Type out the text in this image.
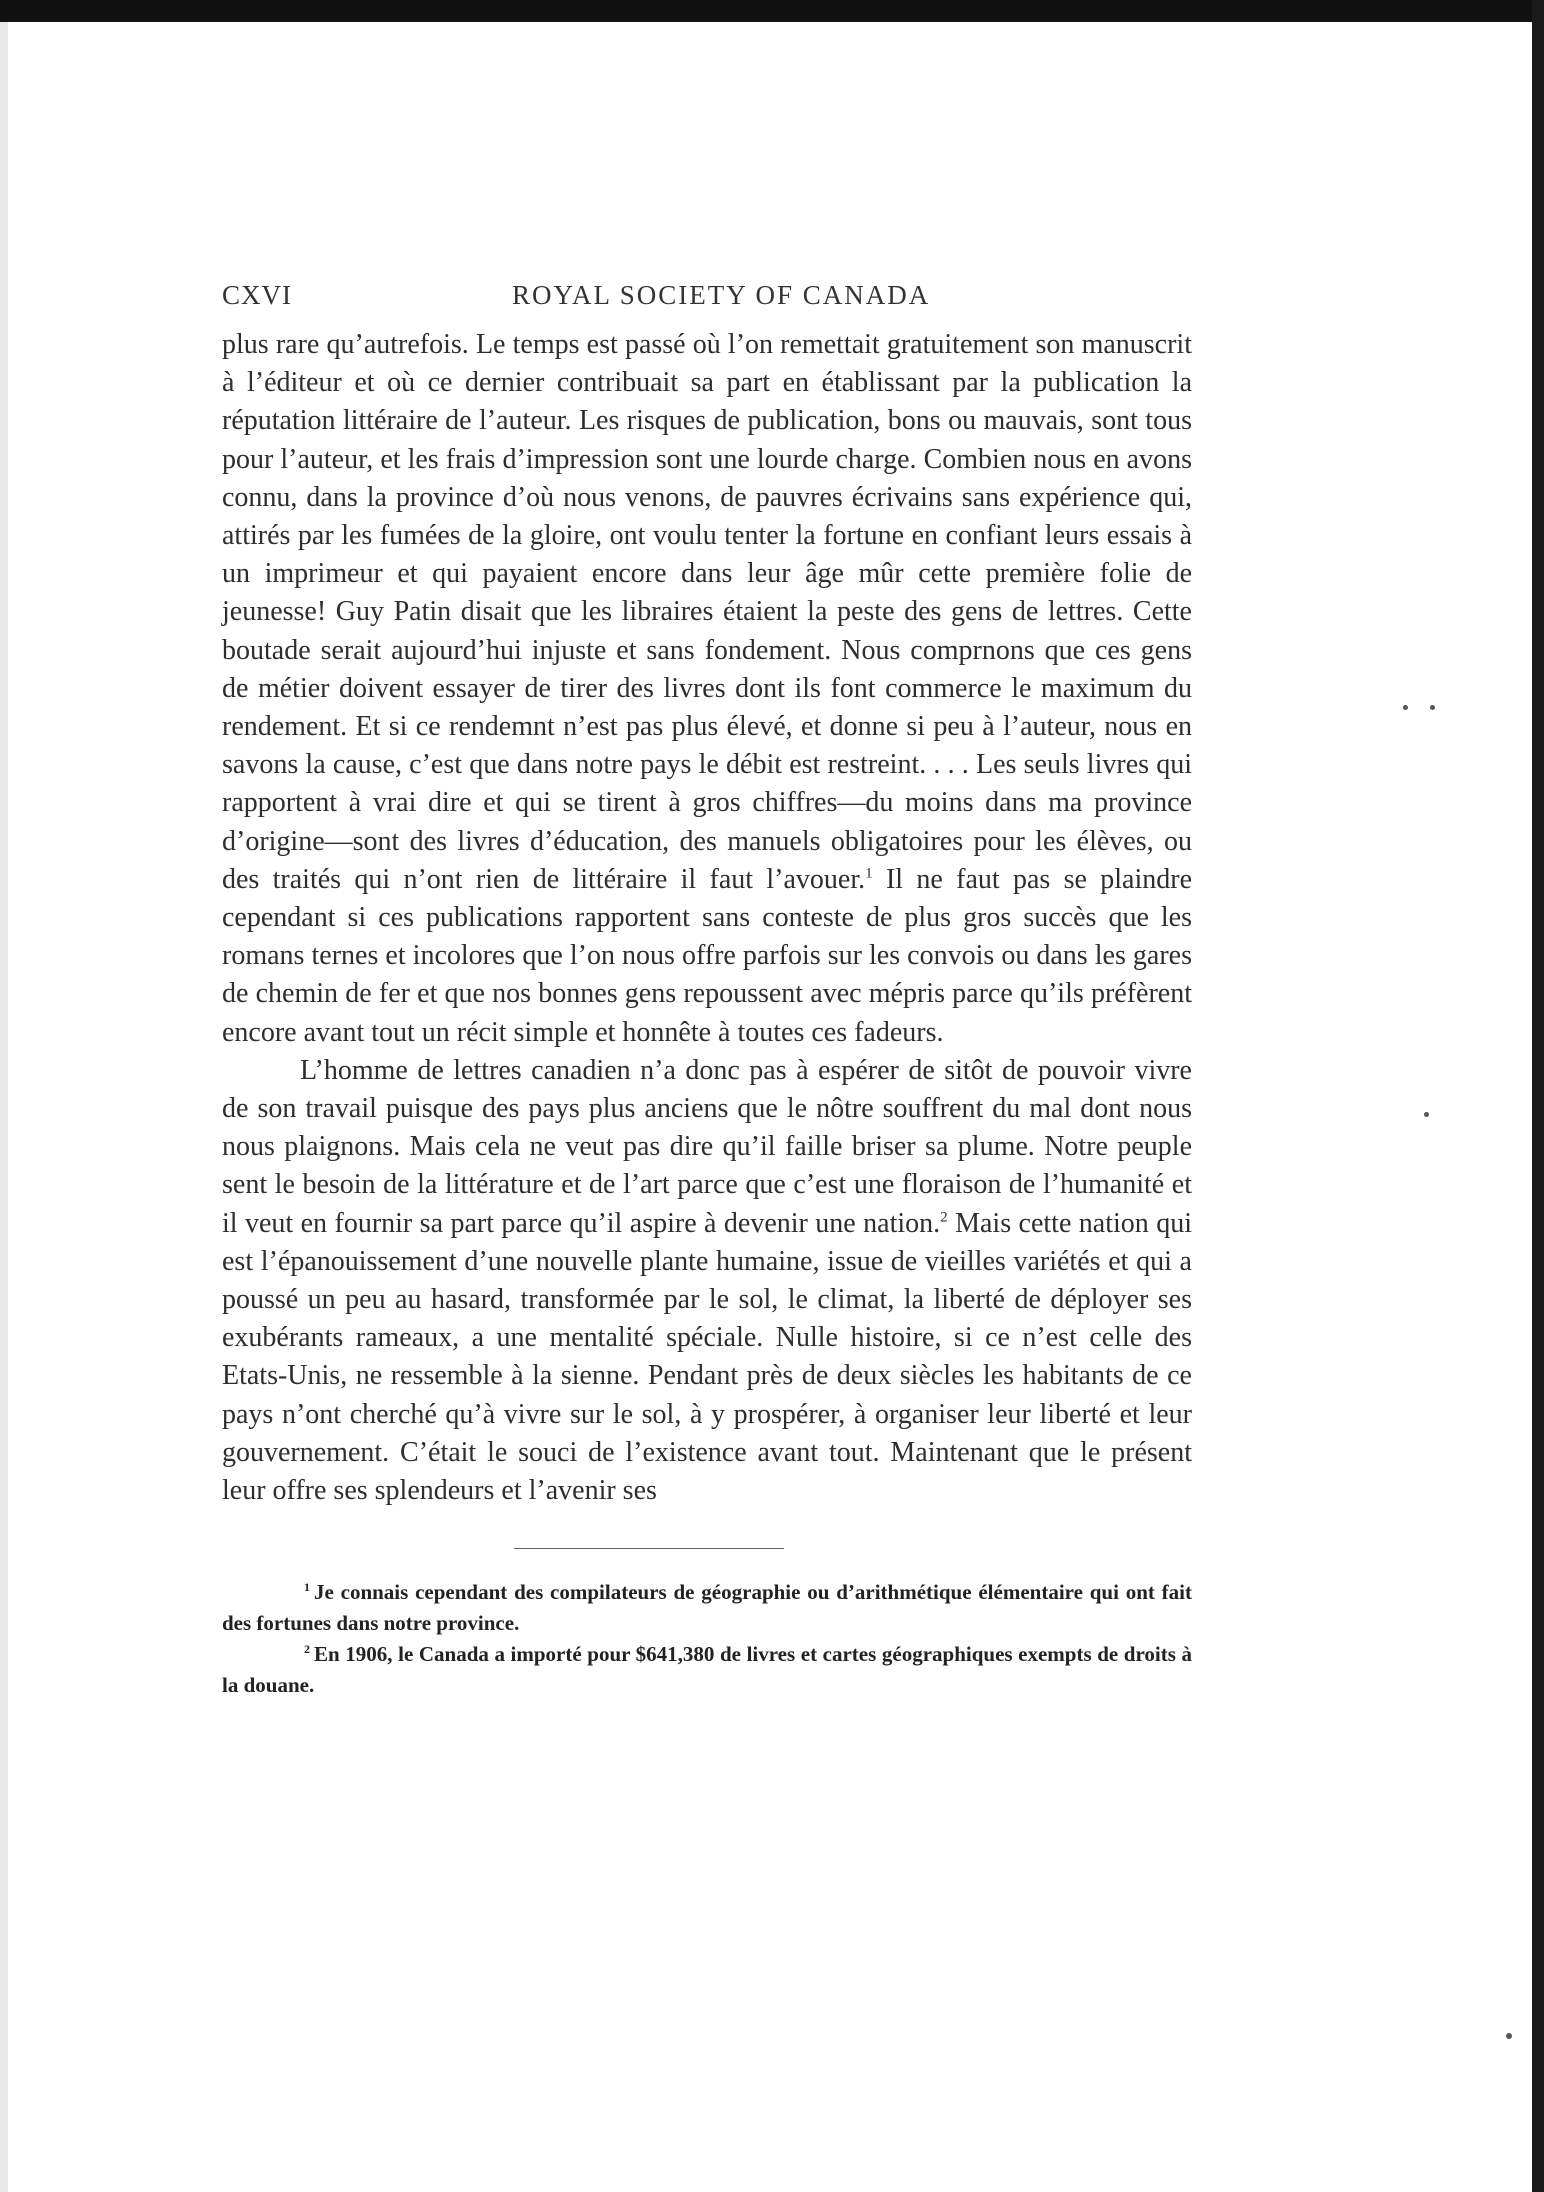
CXVI	ROYAL SOCIETY OF CANADA

plus rare qu’autrefois. Le temps est passé où l’on remettait gratuitement son manuscrit à l’éditeur et où ce dernier contribuait sa part en établissant par la publication la réputation littéraire de l’auteur. Les risques de publication, bons ou mauvais, sont tous pour l’auteur, et les frais d’impression sont une lourde charge. Combien nous en avons connu, dans la province d’où nous venons, de pauvres écrivains sans expérience qui, attirés par les fumées de la gloire, ont voulu tenter la fortune en confiant leurs essais à un imprimeur et qui payaient encore dans leur âge mûr cette première folie de jeunesse! Guy Patin disait que les libraires étaient la peste des gens de lettres. Cette boutade serait aujourd’hui injuste et sans fondement. Nous comprnons que ces gens de métier doivent essayer de tirer des livres dont ils font commerce le maximum du rendement. Et si ce rendemnt n’est pas plus élevé, et donne si peu à l’auteur, nous en savons la cause, c’est que dans notre pays le débit est restreint. . . . Les seuls livres qui rapportent à vrai dire et qui se tirent à gros chiffres—du moins dans ma province d’origine—sont des livres d’éducation, des manuels obligatoires pour les élèves, ou des traités qui n’ont rien de littéraire il faut l’avouer.$^1$ Il ne faut pas se plaindre cependant si ces publications rapportent sans conteste de plus gros succès que les romans ternes et incolores que l’on nous offre parfois sur les convois ou dans les gares de chemin de fer et que nos bonnes gens repoussent avec mépris parce qu’ils préfèrent encore avant tout un récit simple et honnête à toutes ces fadeurs.

L’homme de lettres canadien n’a donc pas à espérer de sitôt de pouvoir vivre de son travail puisque des pays plus anciens que le nôtre souffrent du mal dont nous nous plaignons. Mais cela ne veut pas dire qu’il faille briser sa plume. Notre peuple sent le besoin de la littérature et de l’art parce que c’est une floraison de l’humanité et il veut en fournir sa part parce qu’il aspire à devenir une nation.$^2$ Mais cette nation qui est l’épanouissement d’une nouvelle plante humaine, issue de vieilles variétés et qui a poussé un peu au hasard, transformée par le sol, le climat, la liberté de déployer ses exubérants rameaux, a une mentalité spéciale. Nulle histoire, si ce n’est celle des Etats-Unis, ne ressemble à la sienne. Pendant près de deux siècles les habitants de ce pays n’ont cherché qu’à vivre sur le sol, à y prospérer, à organiser leur liberté et leur gouvernement. C’était le souci de l’existence avant tout. Maintenant que le présent leur offre ses splendeurs et l’avenir ses

$^1$ Je connais cependant des compilateurs de géographie ou d’arithmétique élémentaire qui ont fait des fortunes dans notre province.

$^2$ En 1906, le Canada a importé pour $641,380 de livres et cartes géographiques exempts de droits à la douane.
